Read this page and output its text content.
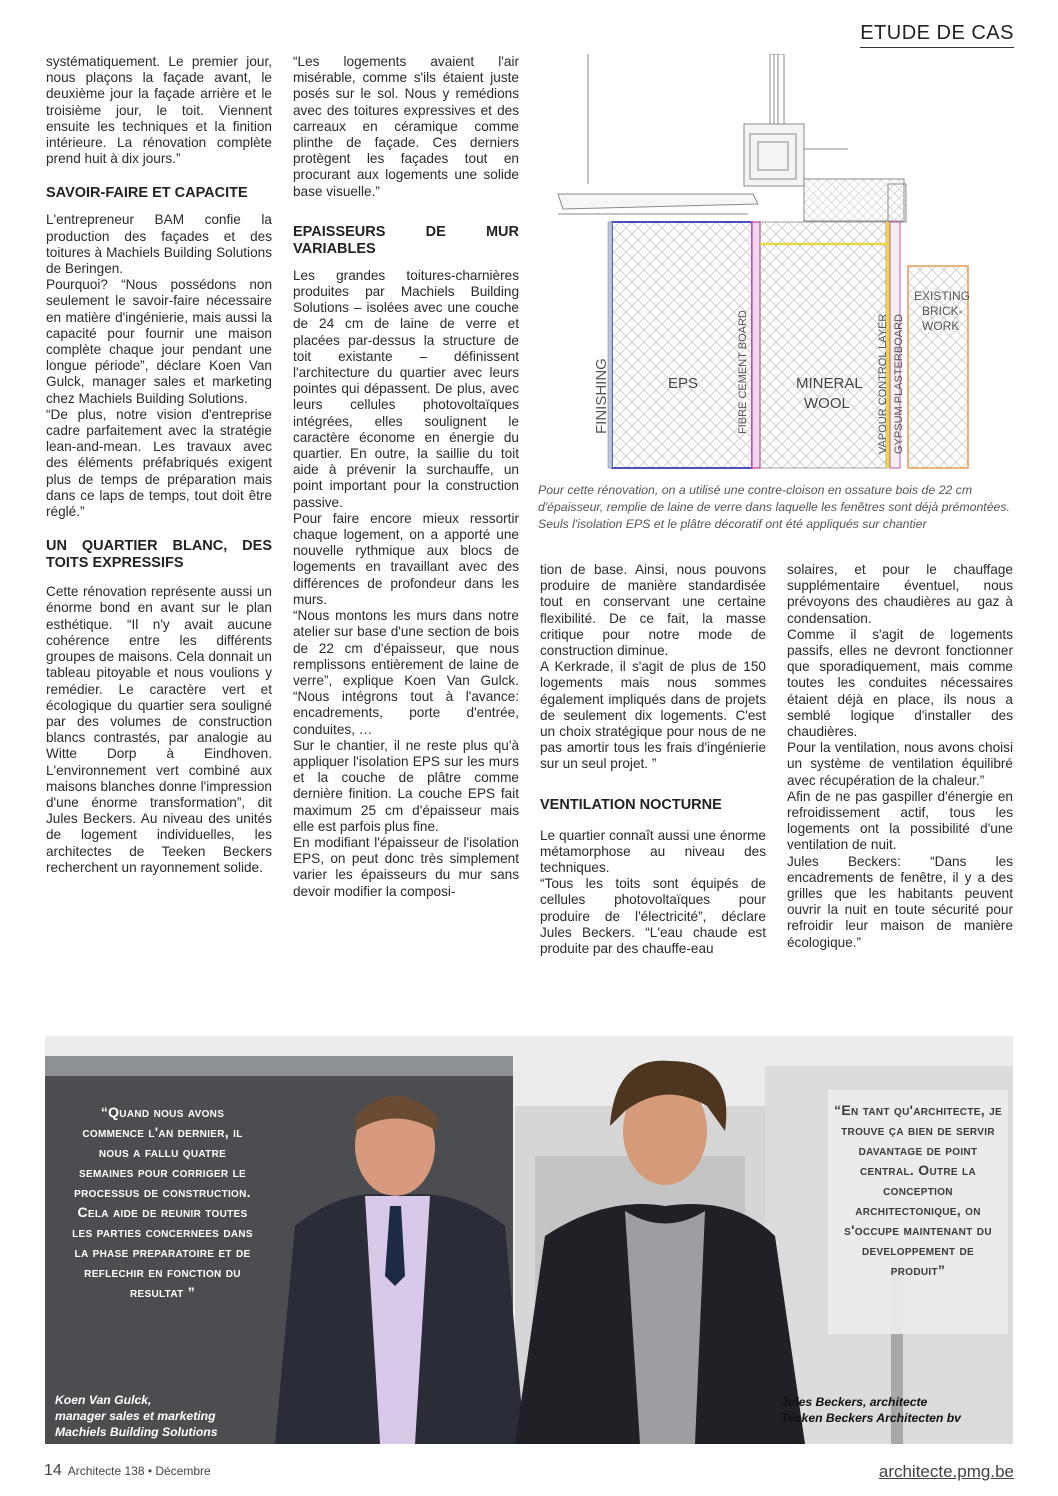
ETUDE DE CAS

systématiquement. Le premier jour, nous plaçons la façade avant, le deuxième jour la façade arrière et le troisième jour, le toit. Viennent ensuite les techniques et la finition intérieure. La rénovation complète prend huit à dix jours.”

SAVOIR-FAIRE ET CAPACITE

L'entrepreneur BAM confie la production des façades et des toitures à Machiels Building Solutions de Beringen.

Pourquoi? “Nous possédons non seulement le savoir-faire nécessaire en matière d'ingénierie, mais aussi la capacité pour fournir une maison complète chaque jour pendant une longue période”, déclare Koen Van Gulck, manager sales et marketing chez Machiels Building Solutions.

“De plus, notre vision d'entreprise cadre parfaitement avec la stratégie lean-and-mean. Les travaux avec des éléments préfabriqués exigent plus de temps de préparation mais dans ce laps de temps, tout doit être réglé.”

UN QUARTIER BLANC, DES TOITS EXPRESSIFS

Cette rénovation représente aussi un énorme bond en avant sur le plan esthétique. “Il n'y avait aucune cohérence entre les différents groupes de maisons. Cela donnait un tableau pitoyable et nous voulions y remédier. Le caractère vert et écologique du quartier sera souligné par des volumes de construction blancs contrastés, par analogie au Witte Dorp à Eindhoven. L'environnement vert combiné aux maisons blanches donne l'impression d'une énorme transformation”, dit Jules Beckers. Au niveau des unités de logement individuelles, les architectes de Teeken Beckers recherchent un rayonnement solide.

“Les logements avaient l'air misérable, comme s'ils étaient juste posés sur le sol. Nous y remédions avec des toitures expressives et des carreaux en céramique comme plinthe de façade. Ces derniers protègent les façades tout en procurant aux logements une solide base visuelle.”

EPAISSEURS DE MUR VARIABLES

Les grandes toitures-charnières produites par Machiels Building Solutions – isolées avec une couche de 24 cm de laine de verre et placées par-dessus la structure de toit existante – définissent l'architecture du quartier avec leurs pointes qui dépassent. De plus, avec leurs cellules photovoltaïques intégrées, elles soulignent le caractère économe en énergie du quartier. En outre, la saillie du toit aide à prévenir la surchauffe, un point important pour la construction passive.

Pour faire encore mieux ressortir chaque logement, on a apporté une nouvelle rythmique aux blocs de logements en travaillant avec des différences de profondeur dans les murs.

“Nous montons les murs dans notre atelier sur base d'une section de bois de 22 cm d'épaisseur, que nous remplissons entièrement de laine de verre”, explique Koen Van Gulck. “Nous intégrons tout à l'avance: encadrements, porte d'entrée, conduites, …

Sur le chantier, il ne reste plus qu'à appliquer l'isolation EPS sur les murs et la couche de plâtre comme dernière finition. La couche EPS fait maximum 25 cm d'épaisseur mais elle est parfois plus fine.

En modifiant l'épaisseur de l'isolation EPS, on peut donc très simplement varier les épaisseurs du mur sans devoir modifier la composi-

FINISHING	EPS	FIBRE CEMENT BOARD	MINERAL
WOOL VAPOUR CONTROL LAYER GYPSUM PLASTERBOARD
EXISTING
BRICK-
WORK
Pour cette rénovation, on a utilisé une contre-cloison en ossature bois de 22 cm d'épaisseur, remplie de laine de verre dans laquelle les fenêtres sont déjà prémontées. Seuls l'isolation EPS et le plâtre décoratif ont été appliqués sur chantier

tion de base. Ainsi, nous pouvons produire de manière standardisée tout en conservant une certaine flexibilité. De ce fait, la masse critique pour notre mode de construction diminue.

A Kerkrade, il s'agit de plus de 150 logements mais nous sommes également impliqués dans de projets de seulement dix logements. C'est un choix stratégique pour nous de ne pas amortir tous les frais d'ingénierie sur un seul projet. ”

VENTILATION NOCTURNE

Le quartier connaît aussi une énorme métamorphose au niveau des techniques.

“Tous les toits sont équipés de cellules photovoltaïques pour produire de l'électricité”, déclare Jules Beckers. “L'eau chaude est produite par des chauffe-eau

solaires, et pour le chauffage supplémentaire éventuel, nous prévoyons des chaudières au gaz à condensation.

Comme il s'agit de logements passifs, elles ne devront fonctionner que sporadiquement, mais comme toutes les conduites nécessaires étaient déjà en place, ils nous a semblé logique d'installer des chaudières.

Pour la ventilation, nous avons choisi un système de ventilation équilibré avec récupération de la chaleur.”

Afin de ne pas gaspiller d'énergie en refroidissement actif, tous les logements ont la possibilité d'une ventilation de nuit.

Jules Beckers: “Dans les encadrements de fenêtre, il y a des grilles que les habitants peuvent ouvrir la nuit en toute sécurité pour refroidir leur maison de manière écologique.”

“Quand nous avons commence l'an dernier, il nous a fallu quatre semaines pour corriger le processus de construction. Cela aide de reunir toutes les parties concernees dans la phase preparatoire et de reflechir en fonction du resultat ”
“En tant qu'architecte, je trouve ça bien de servir davantage de point central. Outre la conception architectonique, on s'occupe maintenant du developpement de produit”
Koen Van Gulck,
manager sales et marketing
Machiels Building Solutions
Jules Beckers, architecte
Teeken Beckers Architecten bv
14 Architecte 138 • Décembre	architecte.pmg.be
